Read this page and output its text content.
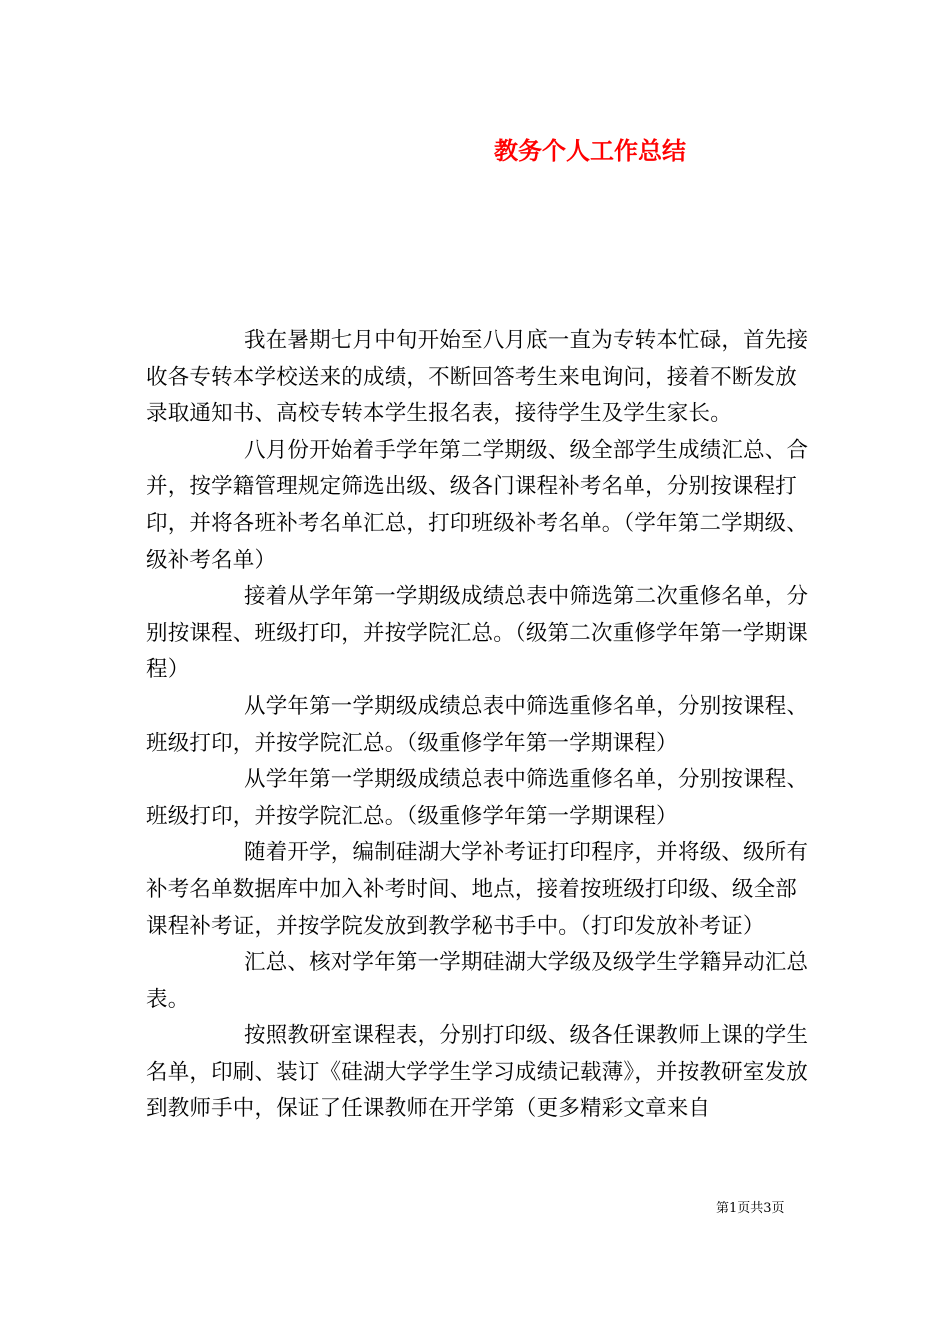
教务个人工作总结

我在暑期七月中旬开始至八月底一直为专转本忙碌，首先接收各专转本学校送来的成绩，不断回答考生来电询问，接着不断发放录取通知书、高校专转本学生报名表，接待学生及学生家长。

八月份开始着手学年第二学期级、级全部学生成绩汇总、合并，按学籍管理规定筛选出级、级各门课程补考名单，分别按课程打印，并将各班补考名单汇总，打印班级补考名单。（学年第二学期级、级补考名单）

接着从学年第一学期级成绩总表中筛选第二次重修名单，分别按课程、班级打印，并按学院汇总。（级第二次重修学年第一学期课程）

从学年第一学期级成绩总表中筛选重修名单，分别按课程、班级打印，并按学院汇总。（级重修学年第一学期课程）

从学年第一学期级成绩总表中筛选重修名单，分别按课程、班级打印，并按学院汇总。（级重修学年第一学期课程）

随着开学，编制硅湖大学补考证打印程序，并将级、级所有补考名单数据库中加入补考时间、地点，接着按班级打印级、级全部课程补考证，并按学院发放到教学秘书手中。（打印发放补考证）

汇总、核对学年第一学期硅湖大学级及级学生学籍异动汇总表。

按照教研室课程表，分别打印级、级各任课教师上课的学生名单，印刷、装订《硅湖大学学生学习成绩记载薄》，并按教研室发放到教师手中，保证了任课教师在开学第（更多精彩文章来自

第1页共3页
